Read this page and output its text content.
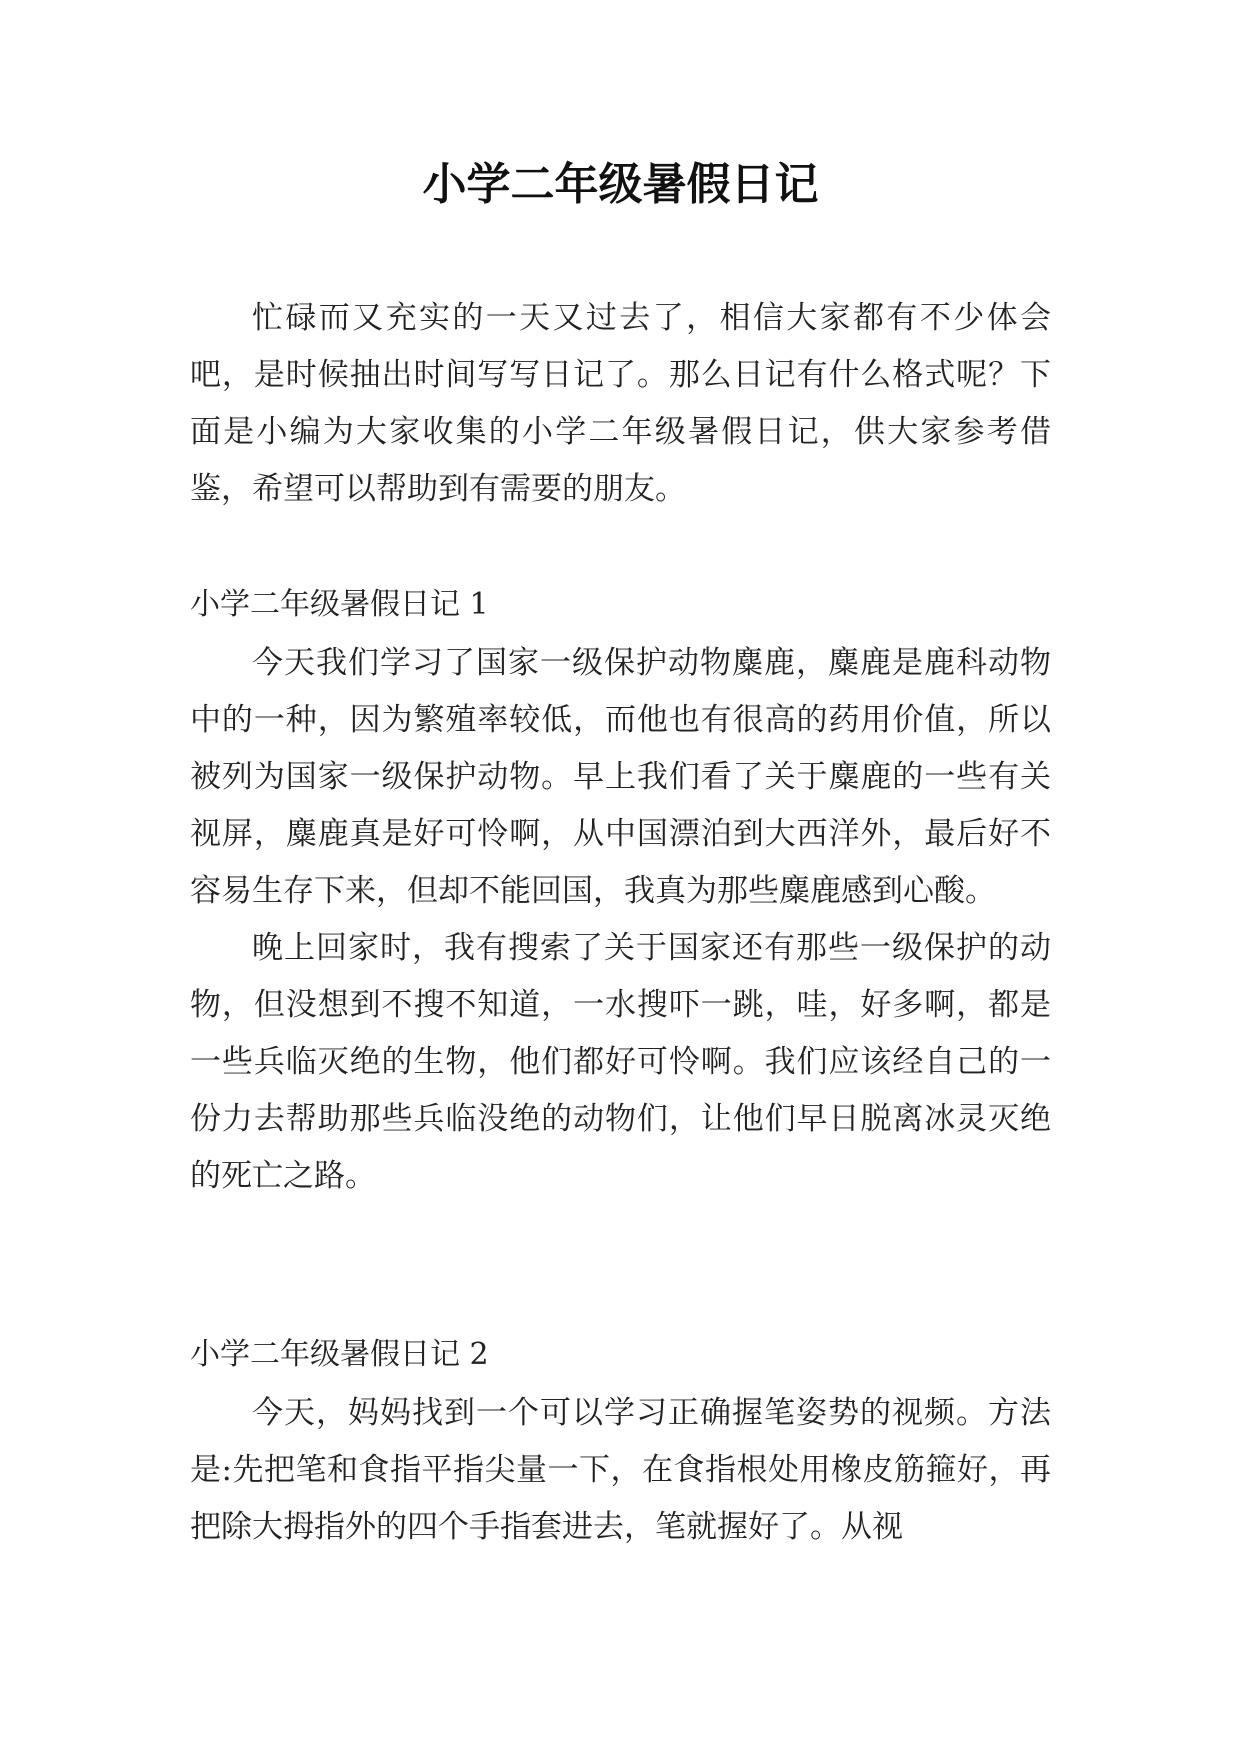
小学二年级暑假日记

忙碌而又充实的一天又过去了，相信大家都有不少体会吧，是时候抽出时间写写日记了。那么日记有什么格式呢？下面是小编为大家收集的小学二年级暑假日记，供大家参考借鉴，希望可以帮助到有需要的朋友。

小学二年级暑假日记 1

今天我们学习了国家一级保护动物麋鹿，麋鹿是鹿科动物中的一种，因为繁殖率较低，而他也有很高的药用价值，所以被列为国家一级保护动物。早上我们看了关于麋鹿的一些有关视屏，麋鹿真是好可怜啊，从中国漂泊到大西洋外，最后好不容易生存下来，但却不能回国，我真为那些麋鹿感到心酸。

晚上回家时，我有搜索了关于国家还有那些一级保护的动物，但没想到不搜不知道，一水搜吓一跳，哇，好多啊，都是一些兵临灭绝的生物，他们都好可怜啊。我们应该经自己的一份力去帮助那些兵临没绝的动物们，让他们早日脱离冰灵灭绝的死亡之路。

小学二年级暑假日记 2

今天，妈妈找到一个可以学习正确握笔姿势的视频。方法是:先把笔和食指平指尖量一下，在食指根处用橡皮筋箍好，再把除大拇指外的四个手指套进去，笔就握好了。从视
